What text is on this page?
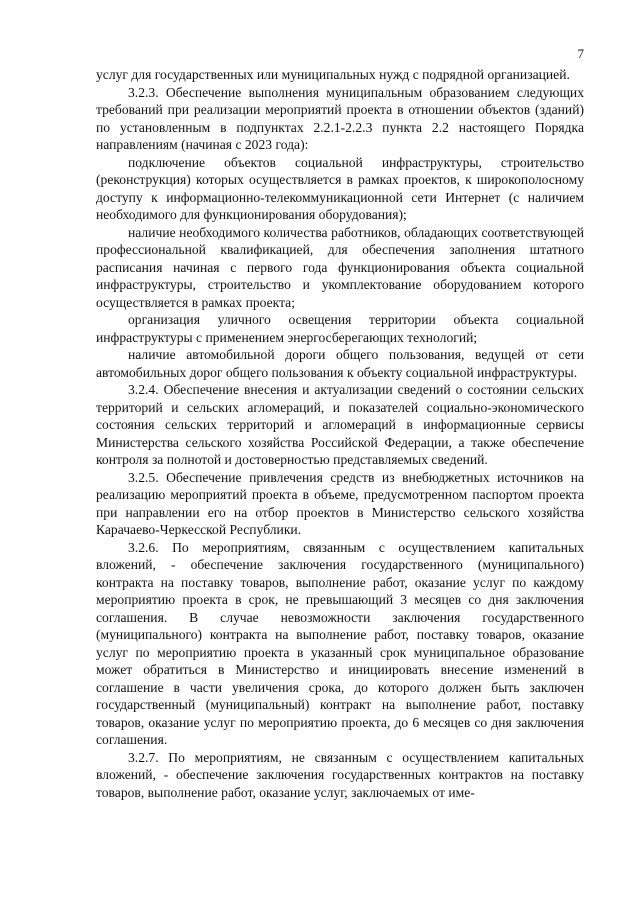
7

услуг для государственных или муниципальных нужд с подрядной организацией.

3.2.3. Обеспечение выполнения муниципальным образованием следующих требований при реализации мероприятий проекта в отношении объектов (зданий) по установленным в подпунктах 2.2.1-2.2.3 пункта 2.2 настоящего Порядка направлениям (начиная с 2023 года):

подключение объектов социальной инфраструктуры, строительство (реконструкция) которых осуществляется в рамках проектов, к широкополосному доступу к информационно-телекоммуникационной сети Интернет (с наличием необходимого для функционирования оборудования);

наличие необходимого количества работников, обладающих соответствующей профессиональной квалификацией, для обеспечения заполнения штатного расписания начиная с первого года функционирования объекта социальной инфраструктуры, строительство и укомплектование оборудованием которого осуществляется в рамках проекта;

организация уличного освещения территории объекта социальной инфраструктуры с применением энергосберегающих технологий;

наличие автомобильной дороги общего пользования, ведущей от сети автомобильных дорог общего пользования к объекту социальной инфраструктуры.

3.2.4. Обеспечение внесения и актуализации сведений о состоянии сельских территорий и сельских агломераций, и показателей социально-экономического состояния сельских территорий и агломераций в информационные сервисы Министерства сельского хозяйства Российской Федерации, а также обеспечение контроля за полнотой и достоверностью представляемых сведений.

3.2.5. Обеспечение привлечения средств из внебюджетных источников на реализацию мероприятий проекта в объеме, предусмотренном паспортом проекта при направлении его на отбор проектов в Министерство сельского хозяйства Карачаево-Черкесской Республики.

3.2.6. По мероприятиям, связанным с осуществлением капитальных вложений, - обеспечение заключения государственного (муниципального) контракта на поставку товаров, выполнение работ, оказание услуг по каждому мероприятию проекта в срок, не превышающий 3 месяцев со дня заключения соглашения. В случае невозможности заключения государственного (муниципального) контракта на выполнение работ, поставку товаров, оказание услуг по мероприятию проекта в указанный срок муниципальное образование может обратиться в Министерство и инициировать внесение изменений в соглашение в части увеличения срока, до которого должен быть заключен государственный (муниципальный) контракт на выполнение работ, поставку товаров, оказание услуг по мероприятию проекта, до 6 месяцев со дня заключения соглашения.

3.2.7. По мероприятиям, не связанным с осуществлением капитальных вложений, - обеспечение заключения государственных контрактов на поставку товаров, выполнение работ, оказание услуг, заключаемых от име-
